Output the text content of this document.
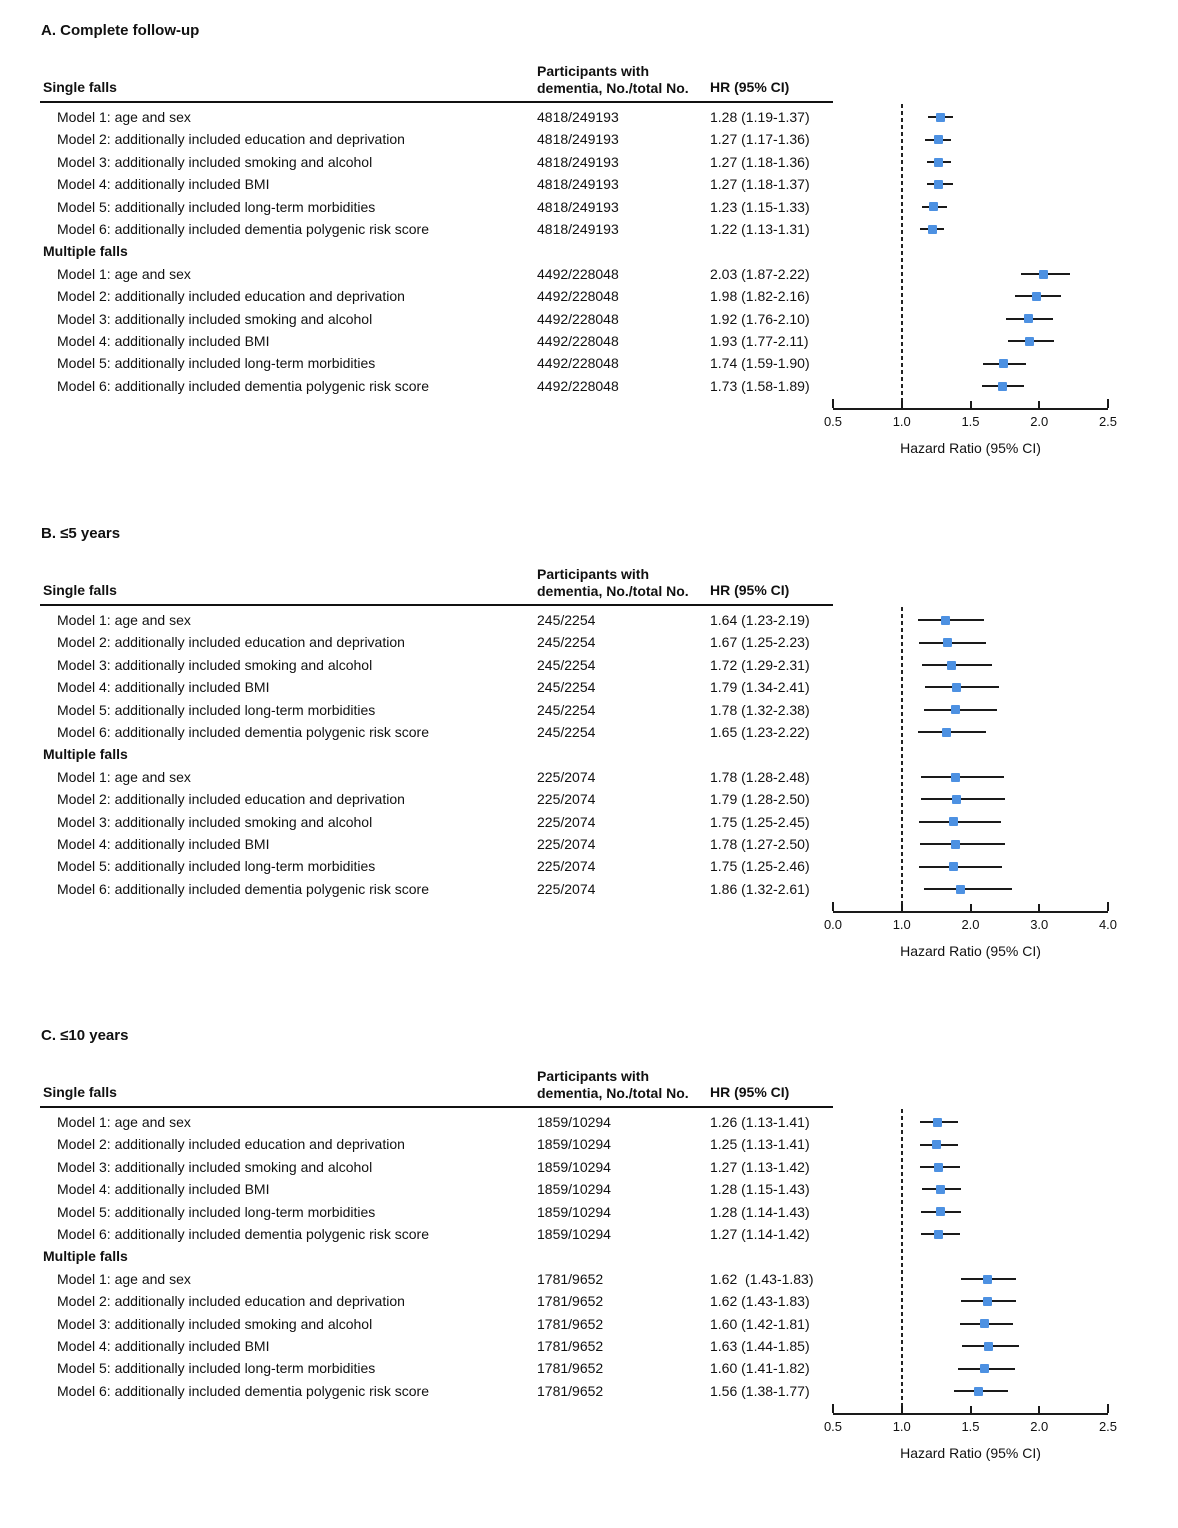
A. Complete follow-up
Single falls
Participants with
dementia, No./total No. HR (95% CI)
Model 1: age and sex	4818/249193	1.28 (1.19-1.37)
Model 2: additionally included education and deprivation	4818/249193	1.27 (1.17-1.36)
Model 3: additionally included smoking and alcohol	4818/249193	1.27 (1.18-1.36)
Model 4: additionally included BMI	4818/249193	1.27 (1.18-1.37)
Model 5: additionally included long-term morbidities	4818/249193	1.23 (1.15-1.33)
Model 6: additionally included dementia polygenic risk score	4818/249193	1.22 (1.13-1.31)
Multiple falls
Model 1: age and sex	4492/228048	2.03 (1.87-2.22)
Model 2: additionally included education and deprivation	4492/228048	1.98 (1.82-2.16)
Model 3: additionally included smoking and alcohol	4492/228048	1.92 (1.76-2.10)
Model 4: additionally included BMI	4492/228048	1.93 (1.77-2.11)
Model 5: additionally included long-term morbidities	4492/228048	1.74 (1.59-1.90)
Model 6: additionally included dementia polygenic risk score	4492/228048	1.73 (1.58-1.89)
0.5	1.0	1.5	2.0	2.5
Hazard Ratio (95% CI)
B. ≤5 years
Single falls
Participants with
dementia, No./total No. HR (95% CI)
Model 1: age and sex	245/2254	1.64 (1.23-2.19)
Model 2: additionally included education and deprivation	245/2254	1.67 (1.25-2.23)
Model 3: additionally included smoking and alcohol	245/2254	1.72 (1.29-2.31)
Model 4: additionally included BMI	245/2254	1.79 (1.34-2.41)
Model 5: additionally included long-term morbidities	245/2254	1.78 (1.32-2.38)
Model 6: additionally included dementia polygenic risk score	245/2254	1.65 (1.23-2.22)
Multiple falls
Model 1: age and sex	225/2074	1.78 (1.28-2.48)
Model 2: additionally included education and deprivation	225/2074	1.79 (1.28-2.50)
Model 3: additionally included smoking and alcohol	225/2074	1.75 (1.25-2.45)
Model 4: additionally included BMI	225/2074	1.78 (1.27-2.50)
Model 5: additionally included long-term morbidities	225/2074	1.75 (1.25-2.46)
Model 6: additionally included dementia polygenic risk score	225/2074	1.86 (1.32-2.61)
0.0	1.0	2.0	3.0	4.0
Hazard Ratio (95% CI)
C. ≤10 years
Single falls
Participants with
dementia, No./total No. HR (95% CI)
Model 1: age and sex	1859/10294	1.26 (1.13-1.41)
Model 2: additionally included education and deprivation	1859/10294	1.25 (1.13-1.41)
Model 3: additionally included smoking and alcohol	1859/10294	1.27 (1.13-1.42)
Model 4: additionally included BMI	1859/10294	1.28 (1.15-1.43)
Model 5: additionally included long-term morbidities	1859/10294	1.28 (1.14-1.43)
Model 6: additionally included dementia polygenic risk score	1859/10294	1.27 (1.14-1.42)
Multiple falls
Model 1: age and sex	1781/9652	1.62  (1.43-1.83)
Model 2: additionally included education and deprivation	1781/9652	1.62 (1.43-1.83)
Model 3: additionally included smoking and alcohol	1781/9652	1.60 (1.42-1.81)
Model 4: additionally included BMI	1781/9652	1.63 (1.44-1.85)
Model 5: additionally included long-term morbidities	1781/9652	1.60 (1.41-1.82)
Model 6: additionally included dementia polygenic risk score	1781/9652	1.56 (1.38-1.77)
0.5	1.0	1.5	2.0	2.5
Hazard Ratio (95% CI)
